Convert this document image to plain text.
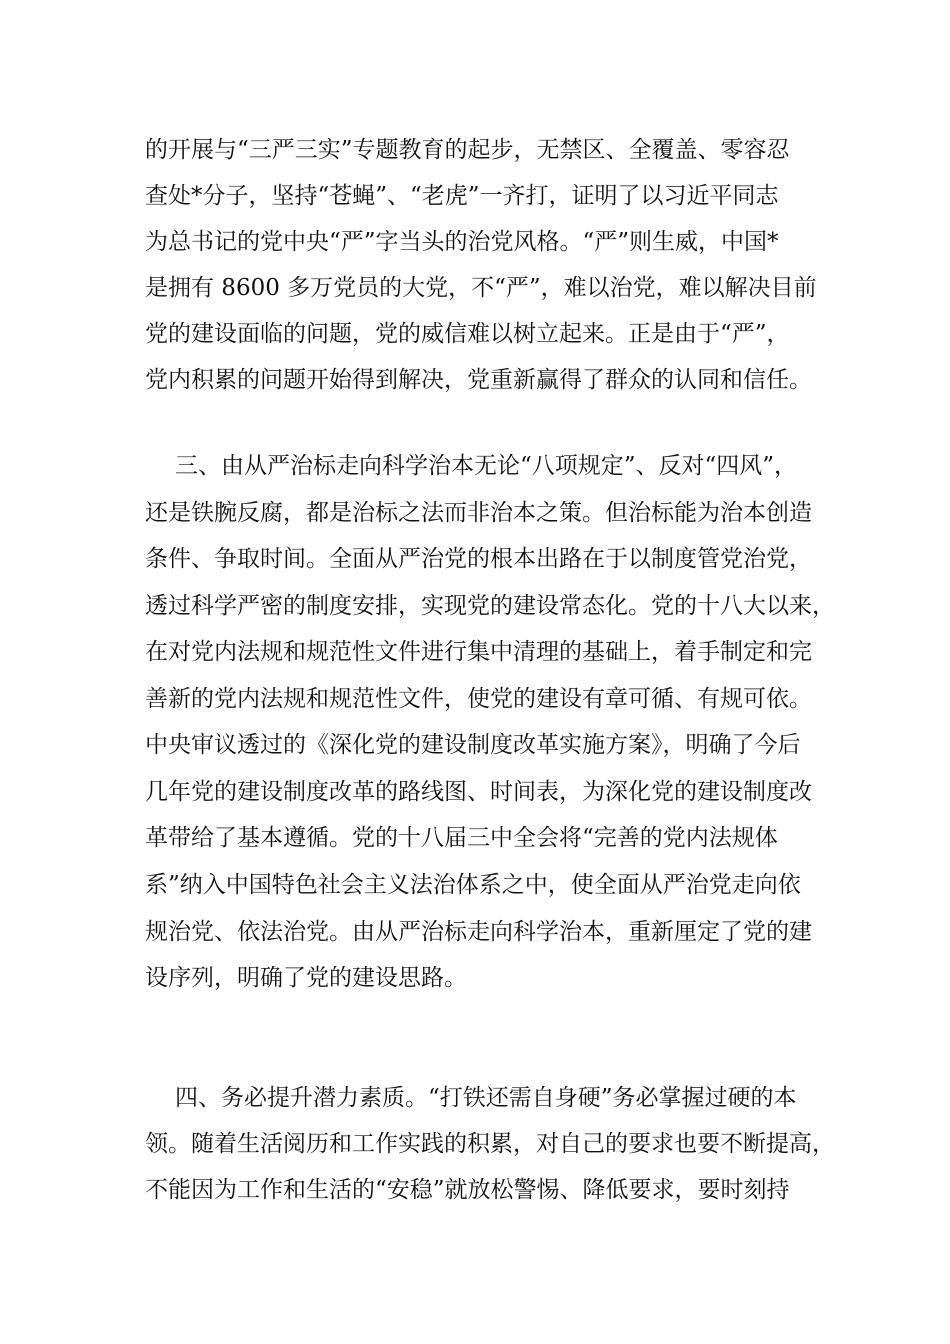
的开展与“三严三实”专题教育的起步，无禁区、全覆盖、零容忍
查处*分子，坚持“苍蝇”、“老虎”一齐打，证明了以习近平同志
为总书记的党中央“严”字当头的治党风格。“严”则生威，中国*
是拥有 8600 多万党员的大党，不“严”，难以治党，难以解决目前
党的建设面临的问题，党的威信难以树立起来。正是由于“严”，
党内积累的问题开始得到解决，党重新赢得了群众的认同和信任。
三、由从严治标走向科学治本无论“八项规定”、反对“四风”，
还是铁腕反腐，都是治标之法而非治本之策。但治标能为治本创造
条件、争取时间。全面从严治党的根本出路在于以制度管党治党，
透过科学严密的制度安排，实现党的建设常态化。党的十八大以来，
在对党内法规和规范性文件进行集中清理的基础上，着手制定和完
善新的党内法规和规范性文件，使党的建设有章可循、有规可依。
中央审议透过的《深化党的建设制度改革实施方案》，明确了今后
几年党的建设制度改革的路线图、时间表，为深化党的建设制度改
革带给了基本遵循。党的十八届三中全会将“完善的党内法规体
系”纳入中国特色社会主义法治体系之中，使全面从严治党走向依
规治党、依法治党。由从严治标走向科学治本，重新厘定了党的建
设序列，明确了党的建设思路。
四、务必提升潜力素质。“打铁还需自身硬”务必掌握过硬的本
领。随着生活阅历和工作实践的积累，对自己的要求也要不断提高，
不能因为工作和生活的“安稳”就放松警惕、降低要求，要时刻持
